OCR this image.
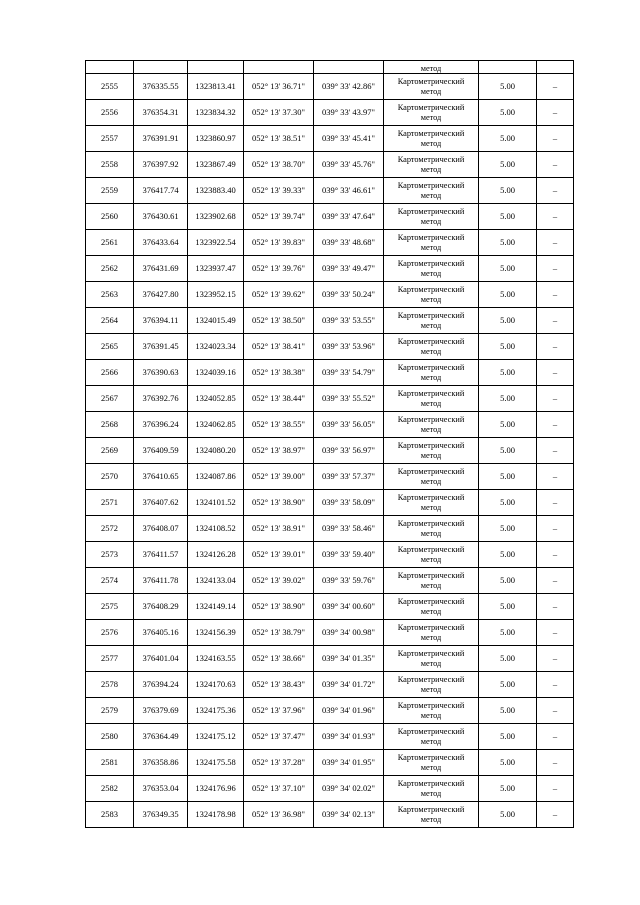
					метод		
2555	376335.55	1323813.41	052° 13' 36.71"	039° 33' 42.86"	Картометрический
метод	5.00	–
2556	376354.31	1323834.32	052° 13' 37.30"	039° 33' 43.97"	Картометрический
метод	5.00	–
2557	376391.91	1323860.97	052° 13' 38.51"	039° 33' 45.41"	Картометрический
метод	5.00	–
2558	376397.92	1323867.49	052° 13' 38.70"	039° 33' 45.76"	Картометрический
метод	5.00	–
2559	376417.74	1323883.40	052° 13' 39.33"	039° 33' 46.61"	Картометрический
метод	5.00	–
2560	376430.61	1323902.68	052° 13' 39.74"	039° 33' 47.64"	Картометрический
метод	5.00	–
2561	376433.64	1323922.54	052° 13' 39.83"	039° 33' 48.68"	Картометрический
метод	5.00	–
2562	376431.69	1323937.47	052° 13' 39.76"	039° 33' 49.47"	Картометрический
метод	5.00	–
2563	376427.80	1323952.15	052° 13' 39.62"	039° 33' 50.24"	Картометрический
метод	5.00	–
2564	376394.11	1324015.49	052° 13' 38.50"	039° 33' 53.55"	Картометрический
метод	5.00	–
2565	376391.45	1324023.34	052° 13' 38.41"	039° 33' 53.96"	Картометрический
метод	5.00	–
2566	376390.63	1324039.16	052° 13' 38.38"	039° 33' 54.79"	Картометрический
метод	5.00	–
2567	376392.76	1324052.85	052° 13' 38.44"	039° 33' 55.52"	Картометрический
метод	5.00	–
2568	376396.24	1324062.85	052° 13' 38.55"	039° 33' 56.05"	Картометрический
метод	5.00	–
2569	376409.59	1324080.20	052° 13' 38.97"	039° 33' 56.97"	Картометрический
метод	5.00	–
2570	376410.65	1324087.86	052° 13' 39.00"	039° 33' 57.37"	Картометрический
метод	5.00	–
2571	376407.62	1324101.52	052° 13' 38.90"	039° 33' 58.09"	Картометрический
метод	5.00	–
2572	376408.07	1324108.52	052° 13' 38.91"	039° 33' 58.46"	Картометрический
метод	5.00	–
2573	376411.57	1324126.28	052° 13' 39.01"	039° 33' 59.40"	Картометрический
метод	5.00	–
2574	376411.78	1324133.04	052° 13' 39.02"	039° 33' 59.76"	Картометрический
метод	5.00	–
2575	376408.29	1324149.14	052° 13' 38.90"	039° 34' 00.60"	Картометрический
метод	5.00	–
2576	376405.16	1324156.39	052° 13' 38.79"	039° 34' 00.98"	Картометрический
метод	5.00	–
2577	376401.04	1324163.55	052° 13' 38.66"	039° 34' 01.35"	Картометрический
метод	5.00	–
2578	376394.24	1324170.63	052° 13' 38.43"	039° 34' 01.72"	Картометрический
метод	5.00	–
2579	376379.69	1324175.36	052° 13' 37.96"	039° 34' 01.96"	Картометрический
метод	5.00	–
2580	376364.49	1324175.12	052° 13' 37.47"	039° 34' 01.93"	Картометрический
метод	5.00	–
2581	376358.86	1324175.58	052° 13' 37.28"	039° 34' 01.95"	Картометрический
метод	5.00	–
2582	376353.04	1324176.96	052° 13' 37.10"	039° 34' 02.02"	Картометрический
метод	5.00	–
2583	376349.35	1324178.98	052° 13' 36.98"	039° 34' 02.13"	Картометрический
метод	5.00	–
